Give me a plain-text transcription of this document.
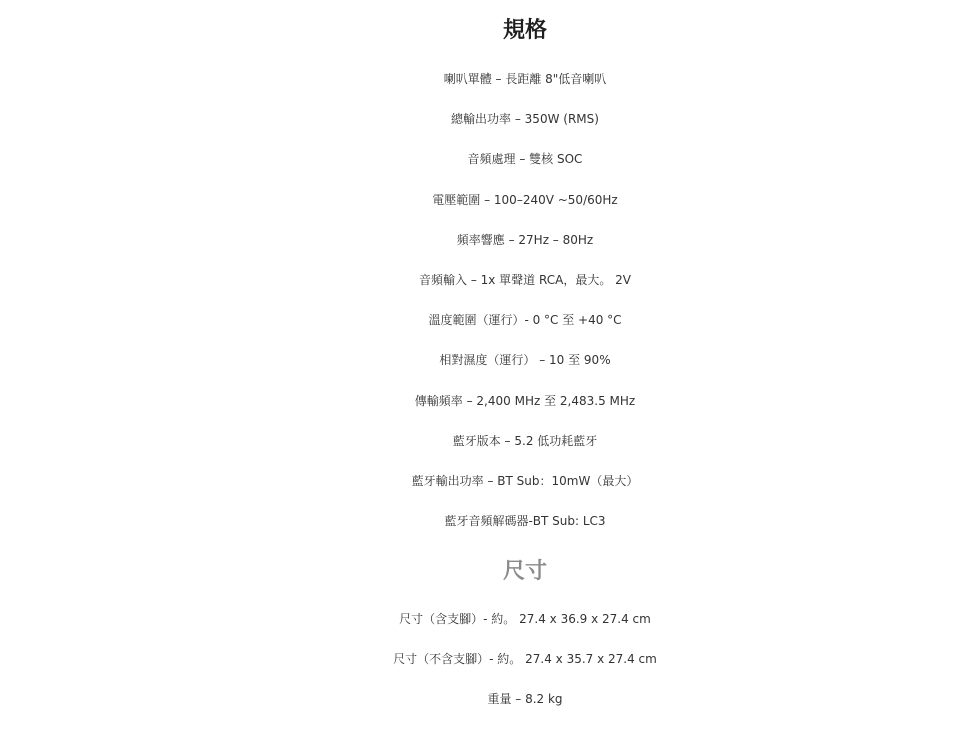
規格
喇叭單體 – 長距離 8"低音喇叭
總輸出功率 – 350W (RMS)
音頻處理 – 雙核 SOC
電壓範圍 – 100–240V ~50/60Hz
頻率響應 – 27Hz – 80Hz
音頻輸入 – 1x 單聲道 RCA，最大。 2V
溫度範圍（運行）- 0 °C 至 +40 °C
相對濕度（運行） – 10 至 90%
傳輸頻率 – 2,400 MHz 至 2,483.5 MHz
藍牙版本 – 5.2 低功耗藍牙
藍牙輸出功率 – BT Sub：10mW（最大）
藍牙音頻解碼器-BT Sub: LC3
尺寸
尺寸（含支腳）- 約。 27.4 x 36.9 x 27.4 cm
尺寸（不含支腳）- 約。 27.4 x 35.7 x 27.4 cm
重量 – 8.2 kg
